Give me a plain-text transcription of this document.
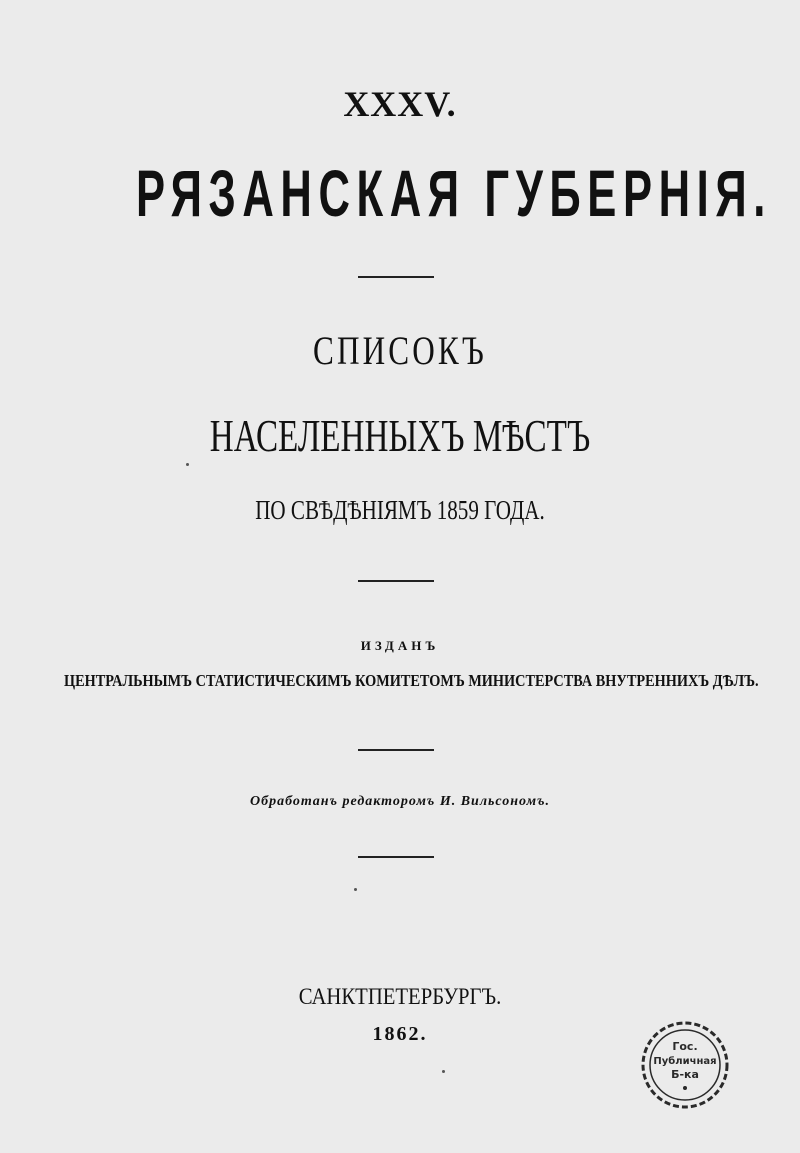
XXXV.
РЯЗАНСКАЯ ГУБЕРНІЯ.
СПИСОКЪ
НАСЕЛЕННЫХЪ МѢСТЪ
ПО СВѢДѢНІЯМЪ 1859 ГОДА.
ИЗДАНЪ
ЦЕНТРАЛЬНЫМЪ СТАТИСТИЧЕСКИМЪ КОМИТЕТОМЪ МИНИСТЕРСТВА ВНУТРЕННИХЪ ДѢЛЪ.
Обработанъ редакторомъ И. Вильсономъ.
САНКТПЕТЕРБУРГЪ.
1862.
Гос.
Публичная
Б-ка
